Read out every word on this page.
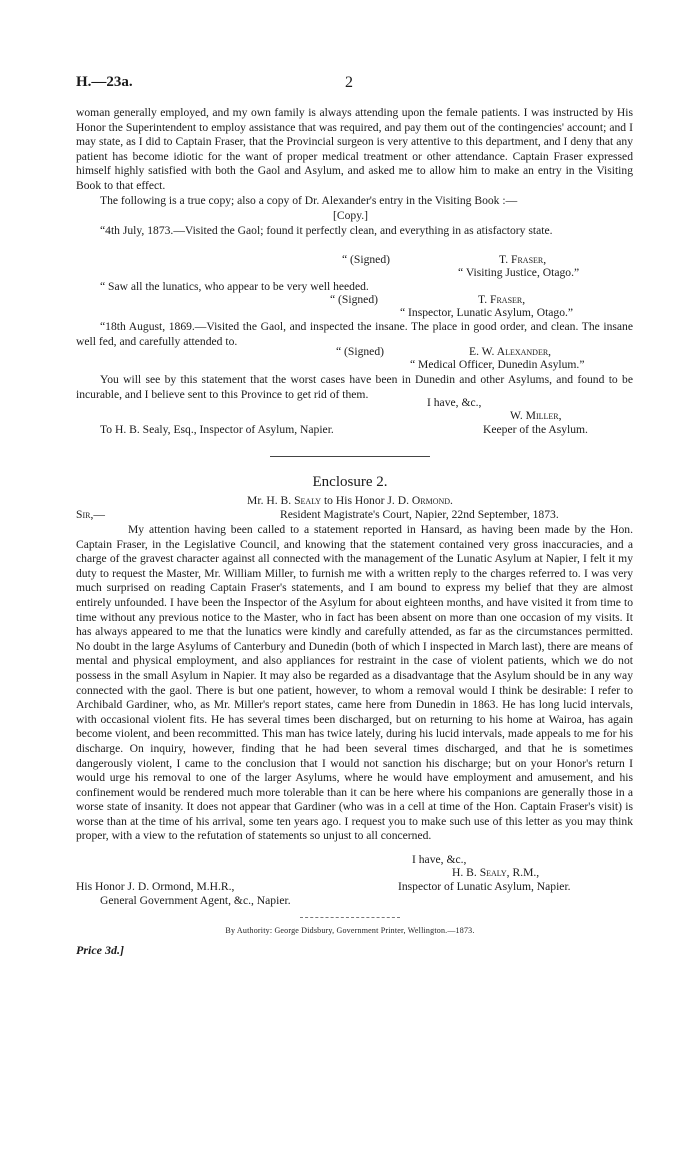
H.—23a.	2

woman generally employed, and my own family is always attending upon the female patients. I was instructed by His Honor the Superintendent to employ assistance that was required, and pay them out of the contingencies' account; and I may state, as I did to Captain Fraser, that the Provincial surgeon is very attentive to this department, and I deny that any patient has become idiotic for the want of proper medical treatment or other attendance. Captain Fraser expressed himself highly satisfied with both the Gaol and Asylum, and asked me to allow him to make an entry in the Visiting Book to that effect.

The following is a true copy; also a copy of Dr. Alexander's entry in the Visiting Book :—

[Copy.]

“4th July, 1873.—Visited the Gaol; found it perfectly clean, and everything in as atisfactory state.

“ (Signed)	T. Fraser,
“ Visiting Justice, Otago.”

“ Saw all the lunatics, who appear to be very well heeded.

“ (Signed)	T. Fraser,
“ Inspector, Lunatic Asylum, Otago.”

“18th August, 1869.—Visited the Gaol, and inspected the insane. The place in good order, and clean. The insane well fed, and carefully attended to.

“ (Signed)	E. W. Alexander,
“ Medical Officer, Dunedin Asylum.”

You will see by this statement that the worst cases have been in Dunedin and other Asylums, and found to be incurable, and I believe sent to this Province to get rid of them.

I have, &c.,
W. Miller,
To H. B. Sealy, Esq., Inspector of Asylum, Napier.	Keeper of the Asylum.
Enclosure 2.
Mr. H. B. Sealy to His Honor J. D. Ormond.
Sir,—	Resident Magistrate's Court, Napier, 22nd September, 1873.

My attention having been called to a statement reported in Hansard, as having been made by the Hon. Captain Fraser, in the Legislative Council, and knowing that the statement contained very gross inaccuracies, and a charge of the gravest character against all connected with the management of the Lunatic Asylum at Napier, I felt it my duty to request the Master, Mr. William Miller, to furnish me with a written reply to the charges referred to. I was very much surprised on reading Captain Fraser's statements, and I am bound to express my belief that they are almost entirely unfounded. I have been the Inspector of the Asylum for about eighteen months, and have visited it from time to time without any previous notice to the Master, who in fact has been absent on more than one occasion of my visits. It has always appeared to me that the lunatics were kindly and carefully attended, as far as the circumstances permitted. No doubt in the large Asylums of Canterbury and Dunedin (both of which I inspected in March last), there are means of mental and physical employment, and also appliances for restraint in the case of violent patients, which we do not possess in the small Asylum in Napier. It may also be regarded as a disadvantage that the Asylum should be in any way connected with the gaol. There is but one patient, however, to whom a removal would I think be desirable: I refer to Archibald Gardiner, who, as Mr. Miller's report states, came here from Dunedin in 1863. He has long lucid intervals, with occasional violent fits. He has several times been discharged, but on returning to his home at Wairoa, has again become violent, and been recommitted. This man has twice lately, during his lucid intervals, made appeals to me for his discharge. On inquiry, however, finding that he had been several times discharged, and that he is sometimes dangerously violent, I came to the conclusion that I would not sanction his discharge; but on your Honor's return I would urge his removal to one of the larger Asylums, where he would have employment and amusement, and his confinement would be rendered much more tolerable than it can be here where his companions are generally those in a worse state of insanity. It does not appear that Gardiner (who was in a cell at time of the Hon. Captain Fraser's visit) is worse than at the time of his arrival, some ten years ago. I request you to make such use of this letter as you may think proper, with a view to the refutation of statements so unjust to all concerned.

I have, &c.,
H. B. Sealy, R.M.,
His Honor J. D. Ormond, M.H.R.,	Inspector of Lunatic Asylum, Napier.
General Government Agent, &c., Napier.
By Authority: George Didsbury, Government Printer, Wellington.—1873.
Price 3d.]
